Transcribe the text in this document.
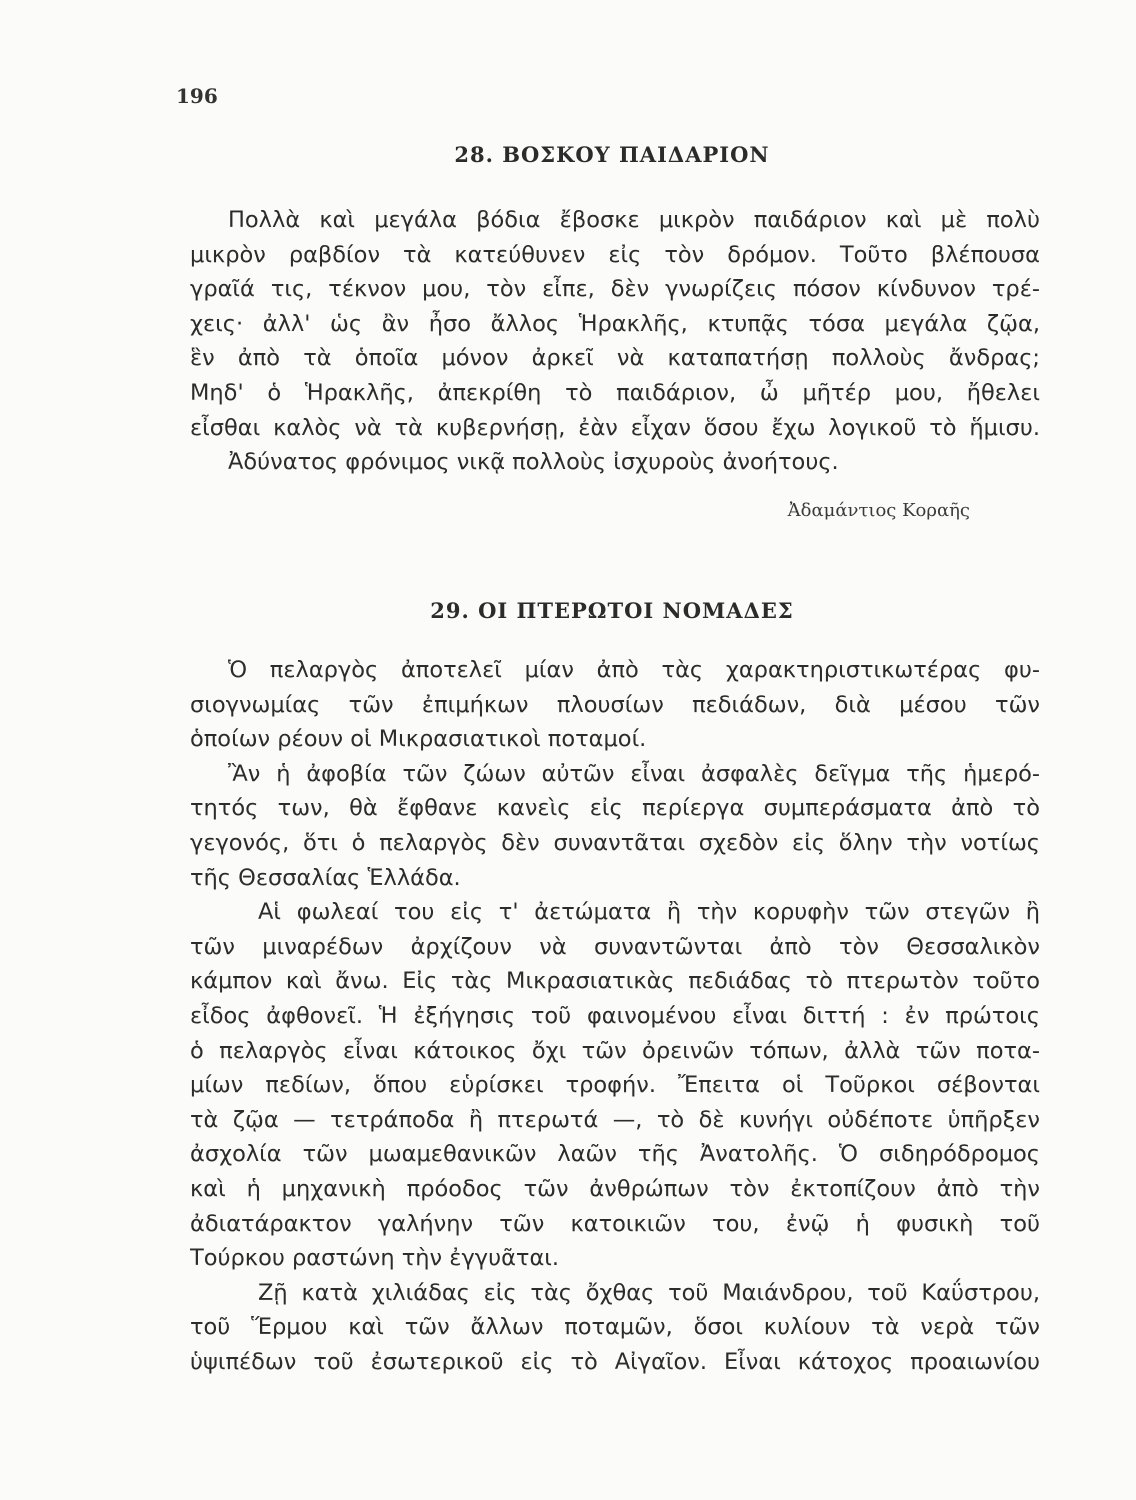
196
28. ΒΟΣΚΟΥ ΠΑΙΔΑΡΙΟΝ
Πολλὰ καὶ μεγάλα βόδια ἔβοσκε μικρὸν παιδάριον καὶ μὲ πολὺ
μικρὸν ραβδίον τὰ κατεύθυνεν εἰς τὸν δρόμον. Τοῦτο βλέπουσα
γραῖά τις, τέκνον μου, τὸν εἶπε, δὲν γνωρίζεις πόσον κίνδυνον τρέ-
χεις· ἀλλ' ὡς ἂν ἦσο ἄλλος Ἡρακλῆς, κτυπᾷς τόσα μεγάλα ζῷα,
ἓν ἀπὸ τὰ ὁποῖα μόνον ἀρκεῖ νὰ καταπατήσῃ πολλοὺς ἄνδρας;
Μηδ' ὁ Ἡρακλῆς, ἀπεκρίθη τὸ παιδάριον, ὦ μῆτέρ μου, ἤθελει
εἶσθαι καλὸς νὰ τὰ κυβερνήσῃ, ἐὰν εἶχαν ὅσου ἔχω λογικοῦ τὸ ἥμισυ.
Ἀδύνατος φρόνιμος νικᾷ πολλοὺς ἰσχυροὺς ἀνοήτους.
Ἀδαμάντιος Κοραῆς
29. ΟΙ ΠΤΕΡΩΤΟΙ ΝΟΜΑΔΕΣ
Ὁ πελαργὸς ἀποτελεῖ μίαν ἀπὸ τὰς χαρακτηριστικωτέρας φυ-
σιογνωμίας τῶν ἐπιμήκων πλουσίων πεδιάδων, διὰ μέσου τῶν
ὁποίων ρέουν οἱ Μικρασιατικοὶ ποταμοί.
Ἂν ἡ ἀφοβία τῶν ζώων αὐτῶν εἶναι ἀσφαλὲς δεῖγμα τῆς ἡμερό-
τητός των, θὰ ἔφθανε κανεὶς εἰς περίεργα συμπεράσματα ἀπὸ τὸ
γεγονός, ὅτι ὁ πελαργὸς δὲν συναντᾶται σχεδὸν εἰς ὅλην τὴν νοτίως
τῆς Θεσσαλίας Ἑλλάδα.
Αἱ φωλεαί του εἰς τ' ἀετώματα ἢ τὴν κορυφὴν τῶν στεγῶν ἢ
τῶν μιναρέδων ἀρχίζουν νὰ συναντῶνται ἀπὸ τὸν Θεσσαλικὸν
κάμπον καὶ ἄνω. Εἰς τὰς Μικρασιατικὰς πεδιάδας τὸ πτερωτὸν τοῦτο
εἶδος ἀφθονεῖ. Ἡ ἐξήγησις τοῦ φαινομένου εἶναι διττή : ἐν πρώτοις
ὁ πελαργὸς εἶναι κάτοικος ὄχι τῶν ὀρεινῶν τόπων, ἀλλὰ τῶν ποτα-
μίων πεδίων, ὅπου εὑρίσκει τροφήν. Ἔπειτα οἱ Τοῦρκοι σέβονται
τὰ ζῷα — τετράποδα ἢ πτερωτά —, τὸ δὲ κυνήγι οὐδέποτε ὑπῆρξεν
ἀσχολία τῶν μωαμεθανικῶν λαῶν τῆς Ἀνατολῆς. Ὁ σιδηρόδρομος
καὶ ἡ μηχανικὴ πρόοδος τῶν ἀνθρώπων τὸν ἐκτοπίζουν ἀπὸ τὴν
ἀδιατάρακτον γαλήνην τῶν κατοικιῶν του, ἐνῷ ἡ φυσικὴ τοῦ
Τούρκου ραστώνη τὴν ἐγγυᾶται.
Ζῇ κατὰ χιλιάδας εἰς τὰς ὄχθας τοῦ Μαιάνδρου, τοῦ Καΰστρου,
τοῦ Ἕρμου καὶ τῶν ἄλλων ποταμῶν, ὅσοι κυλίουν τὰ νερὰ τῶν
ὑψιπέδων τοῦ ἐσωτερικοῦ εἰς τὸ Αἰγαῖον. Εἶναι κάτοχος προαιωνίου
